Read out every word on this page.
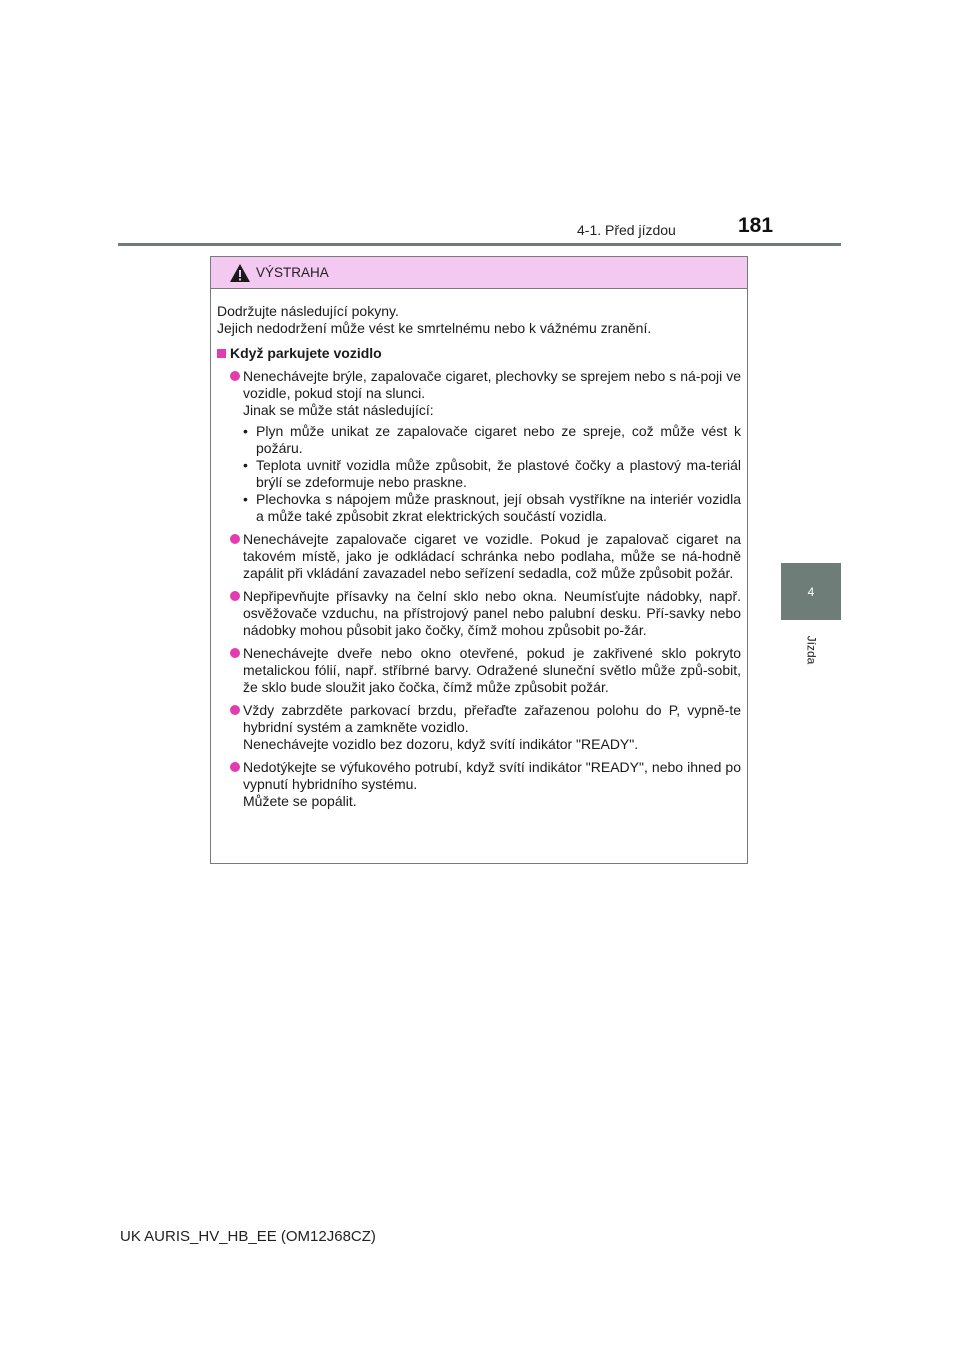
4-1. Před jízdou	181
4
Jízda
VÝSTRAHA

Dodržujte následující pokyny.

Jejich nedodržení může vést ke smrtelnému nebo k vážnému zranění.

Když parkujete vozidlo

Nenechávejte brýle, zapalovače cigaret, plechovky se sprejem nebo s ná-poji ve vozidle, pokud stojí na slunci.

Jinak se může stát následující:

• Plyn může unikat ze zapalovače cigaret nebo ze spreje, což může vést k požáru.
• Teplota uvnitř vozidla může způsobit, že plastové čočky a plastový ma-teriál brýlí se zdeformuje nebo praskne.
• Plechovka s nápojem může prasknout, její obsah vystříkne na interiér vozidla a může také způsobit zkrat elektrických součástí vozidla.

Nenechávejte zapalovače cigaret ve vozidle. Pokud je zapalovač cigaret na takovém místě, jako je odkládací schránka nebo podlaha, může se ná-hodně zapálit při vkládání zavazadel nebo seřízení sedadla, což může způsobit požár.

Nepřipevňujte přísavky na čelní sklo nebo okna. Neumísťujte nádobky, např. osvěžovače vzduchu, na přístrojový panel nebo palubní desku. Pří-savky nebo nádobky mohou působit jako čočky, čímž mohou způsobit po-žár.

Nenechávejte dveře nebo okno otevřené, pokud je zakřivené sklo pokryto metalickou fólií, např. stříbrné barvy. Odražené sluneční světlo může způ-sobit, že sklo bude sloužit jako čočka, čímž může způsobit požár.

Vždy zabrzděte parkovací brzdu, přeřaďte zařazenou polohu do P, vypně-te hybridní systém a zamkněte vozidlo.

Nenechávejte vozidlo bez dozoru, když svítí indikátor "READY".

Nedotýkejte se výfukového potrubí, když svítí indikátor "READY", nebo ihned po vypnutí hybridního systému.

Můžete se popálit.

UK AURIS_HV_HB_EE (OM12J68CZ)
